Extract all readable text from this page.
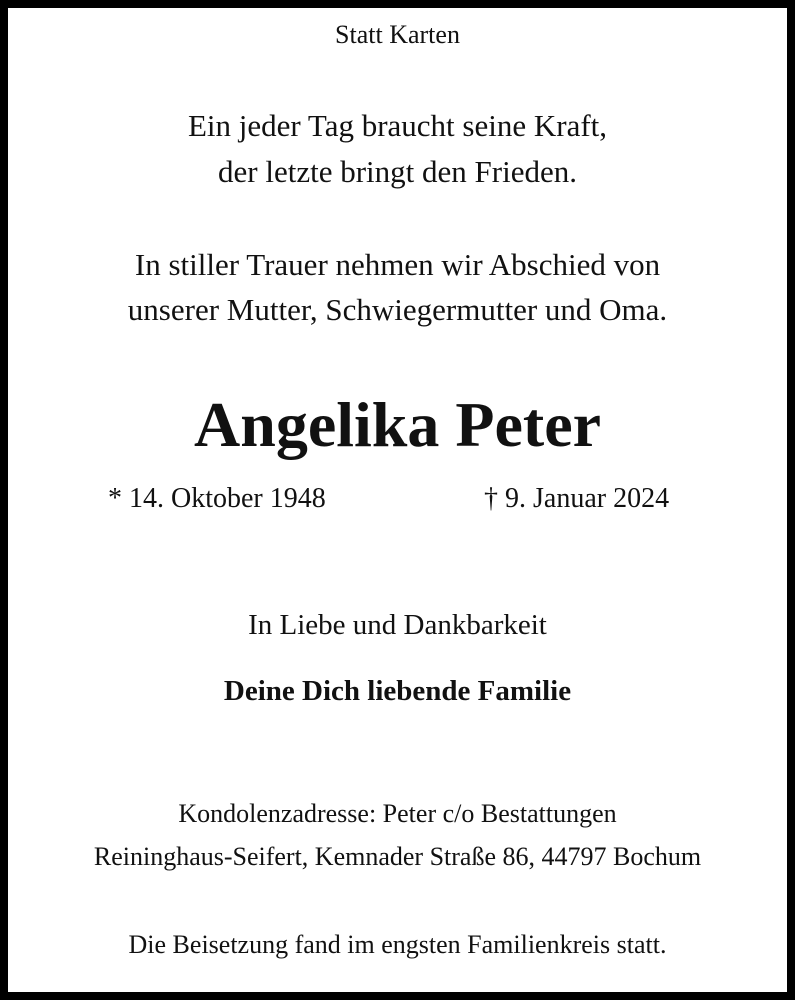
Statt Karten
Ein jeder Tag braucht seine Kraft,
der letzte bringt den Frieden.
In stiller Trauer nehmen wir Abschied von
unserer Mutter, Schwiegermutter und Oma.
Angelika Peter
* 14. Oktober 1948	† 9. Januar 2024
In Liebe und Dankbarkeit
Deine Dich liebende Familie
Kondolenzadresse: Peter c/o Bestattungen
Reininghaus-Seifert, Kemnader Straße 86, 44797 Bochum
Die Beisetzung fand im engsten Familienkreis statt.
